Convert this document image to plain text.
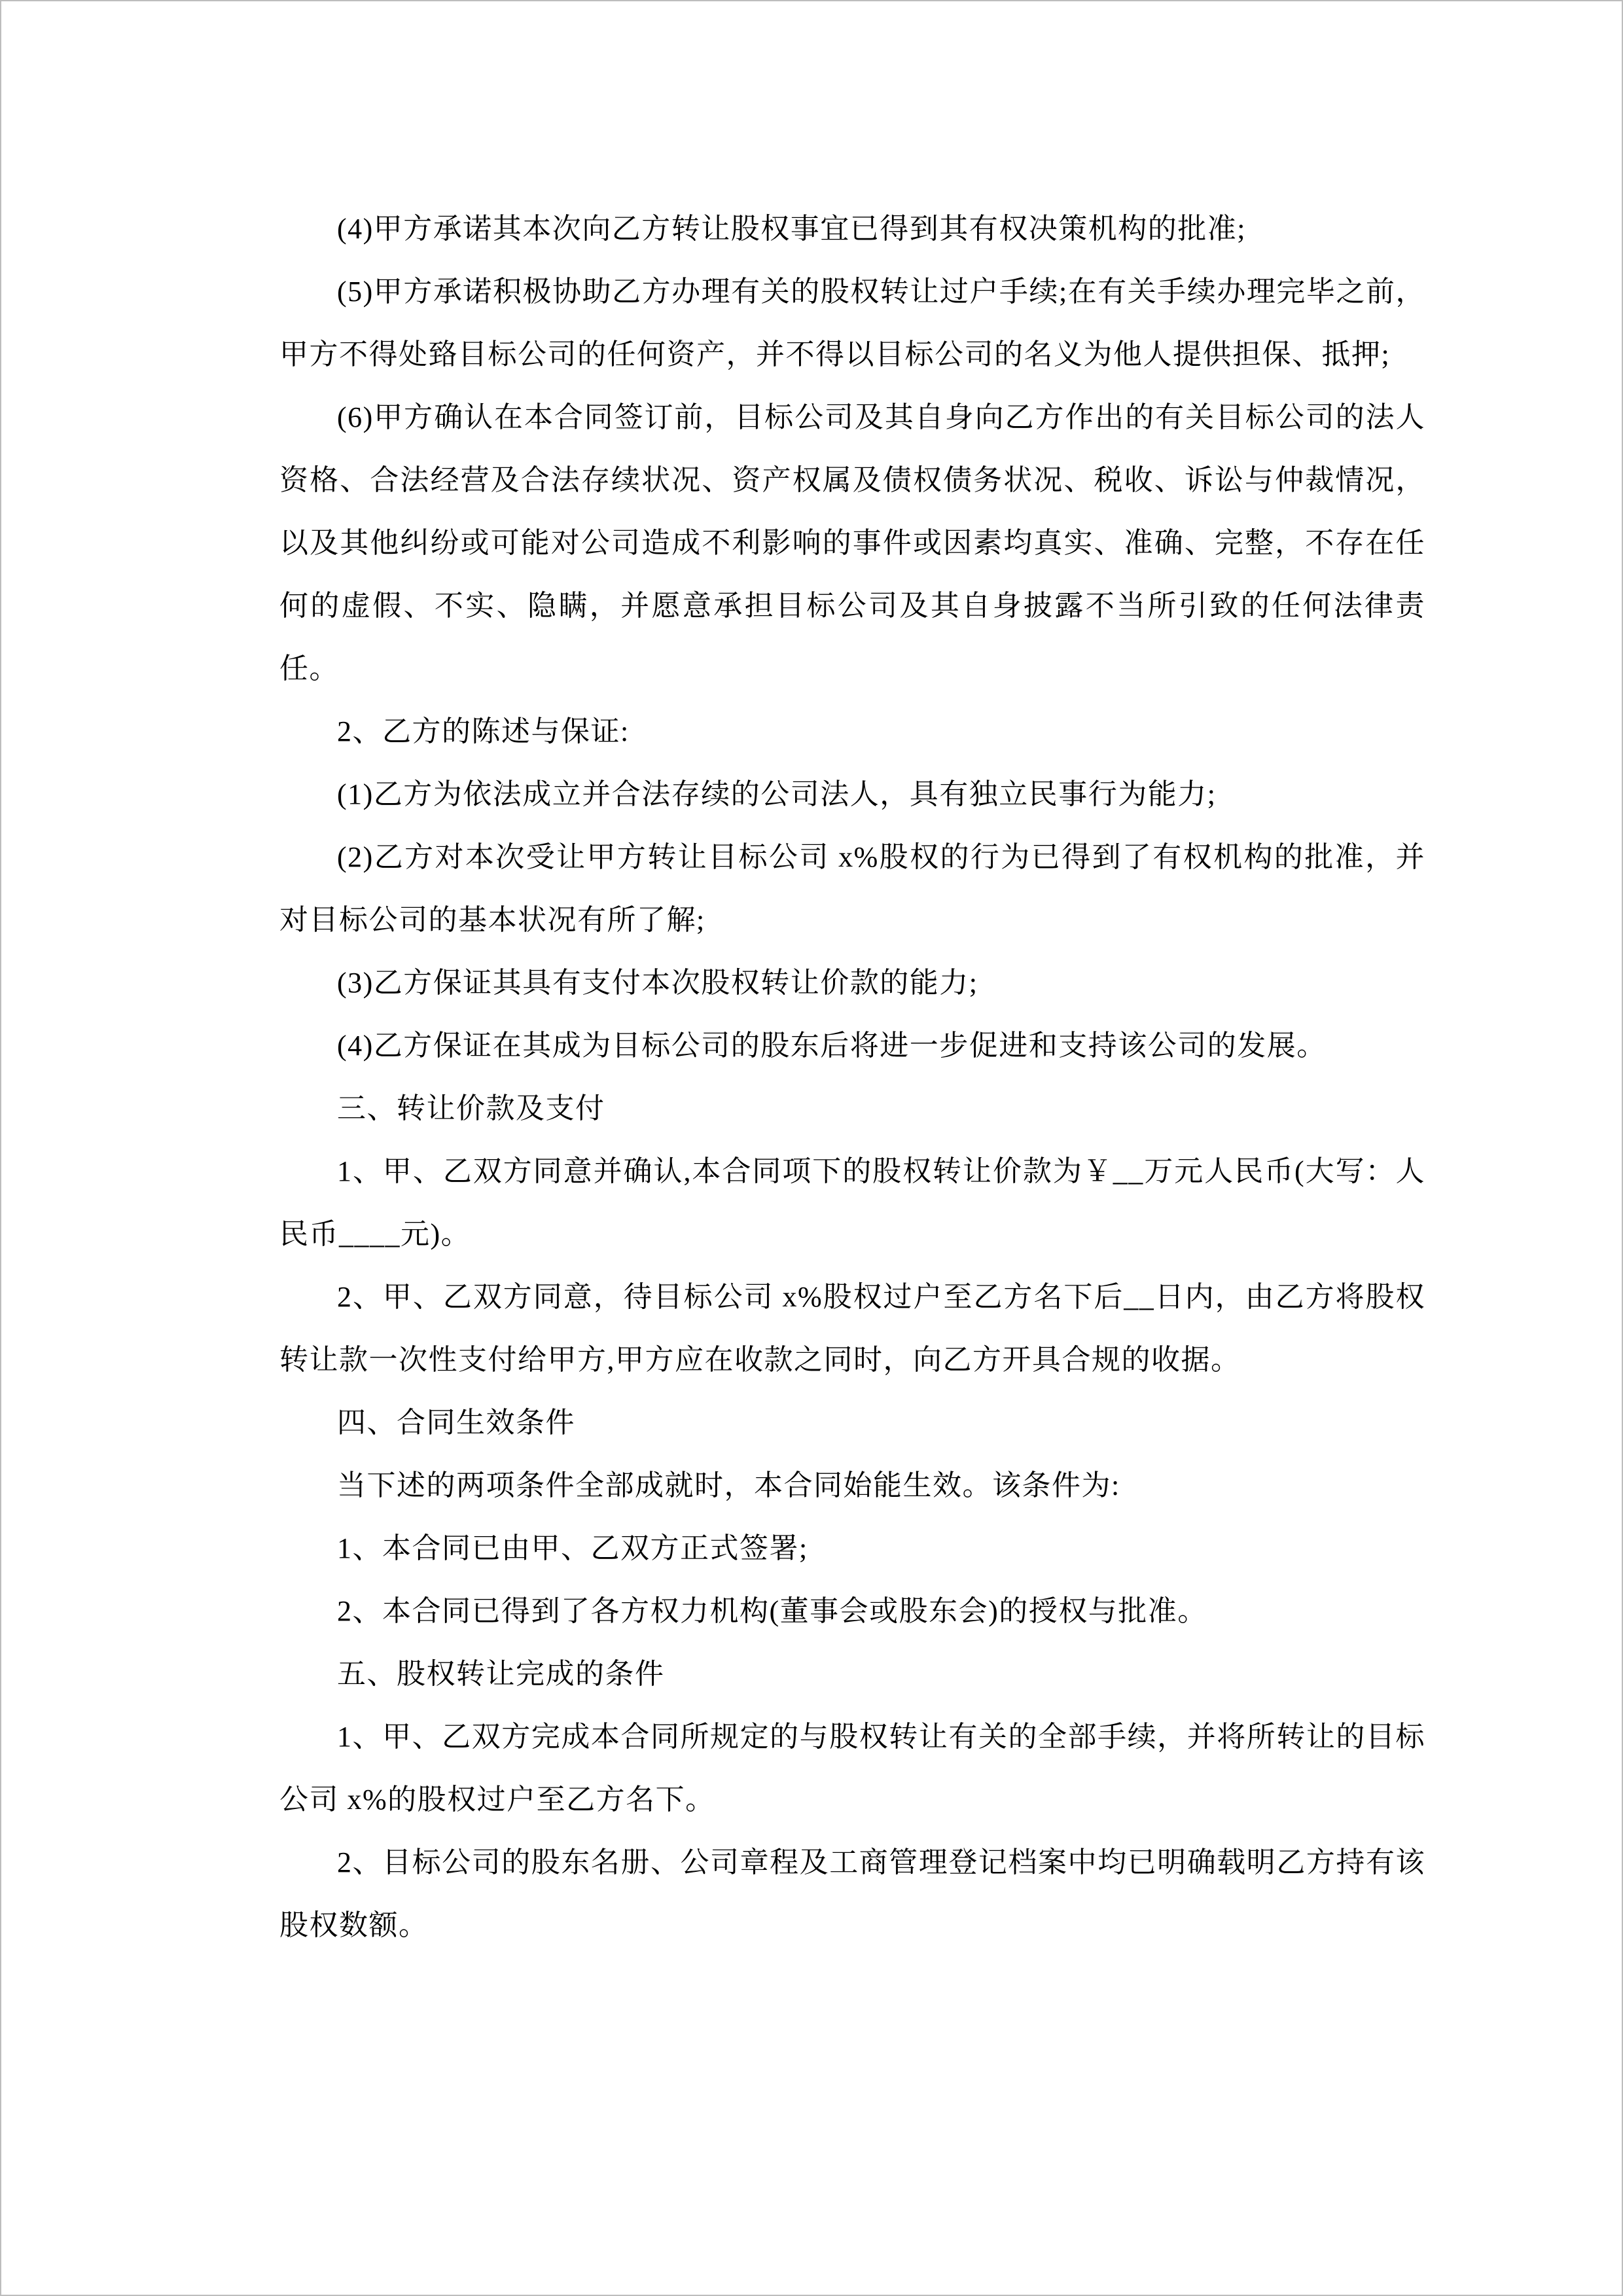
(4)甲方承诺其本次向乙方转让股权事宜已得到其有权决策机构的批准;

(5)甲方承诺积极协助乙方办理有关的股权转让过户手续;在有关手续办理完毕之前，甲方不得处臵目标公司的任何资产，并不得以目标公司的名义为他人提供担保、抵押;

(6)甲方确认在本合同签订前，目标公司及其自身向乙方作出的有关目标公司的法人资格、合法经营及合法存续状况、资产权属及债权债务状况、税收、诉讼与仲裁情况，以及其他纠纷或可能对公司造成不利影响的事件或因素均真实、准确、完整，不存在任何的虚假、不实、隐瞒，并愿意承担目标公司及其自身披露不当所引致的任何法律责任。

2、乙方的陈述与保证:

(1)乙方为依法成立并合法存续的公司法人，具有独立民事行为能力;

(2)乙方对本次受让甲方转让目标公司 x%股权的行为已得到了有权机构的批准，并对目标公司的基本状况有所了解;

(3)乙方保证其具有支付本次股权转让价款的能力;

(4)乙方保证在其成为目标公司的股东后将进一步促进和支持该公司的发展。

三、转让价款及支付

1、甲、乙双方同意并确认,本合同项下的股权转让价款为￥__万元人民币(大写：人民币____元)。

2、甲、乙双方同意，待目标公司 x%股权过户至乙方名下后__日内，由乙方将股权转让款一次性支付给甲方,甲方应在收款之同时，向乙方开具合规的收据。

四、合同生效条件

当下述的两项条件全部成就时，本合同始能生效。该条件为:

1、本合同已由甲、乙双方正式签署;

2、本合同已得到了各方权力机构(董事会或股东会)的授权与批准。

五、股权转让完成的条件

1、甲、乙双方完成本合同所规定的与股权转让有关的全部手续，并将所转让的目标公司 x%的股权过户至乙方名下。

2、目标公司的股东名册、公司章程及工商管理登记档案中均已明确载明乙方持有该股权数额。
